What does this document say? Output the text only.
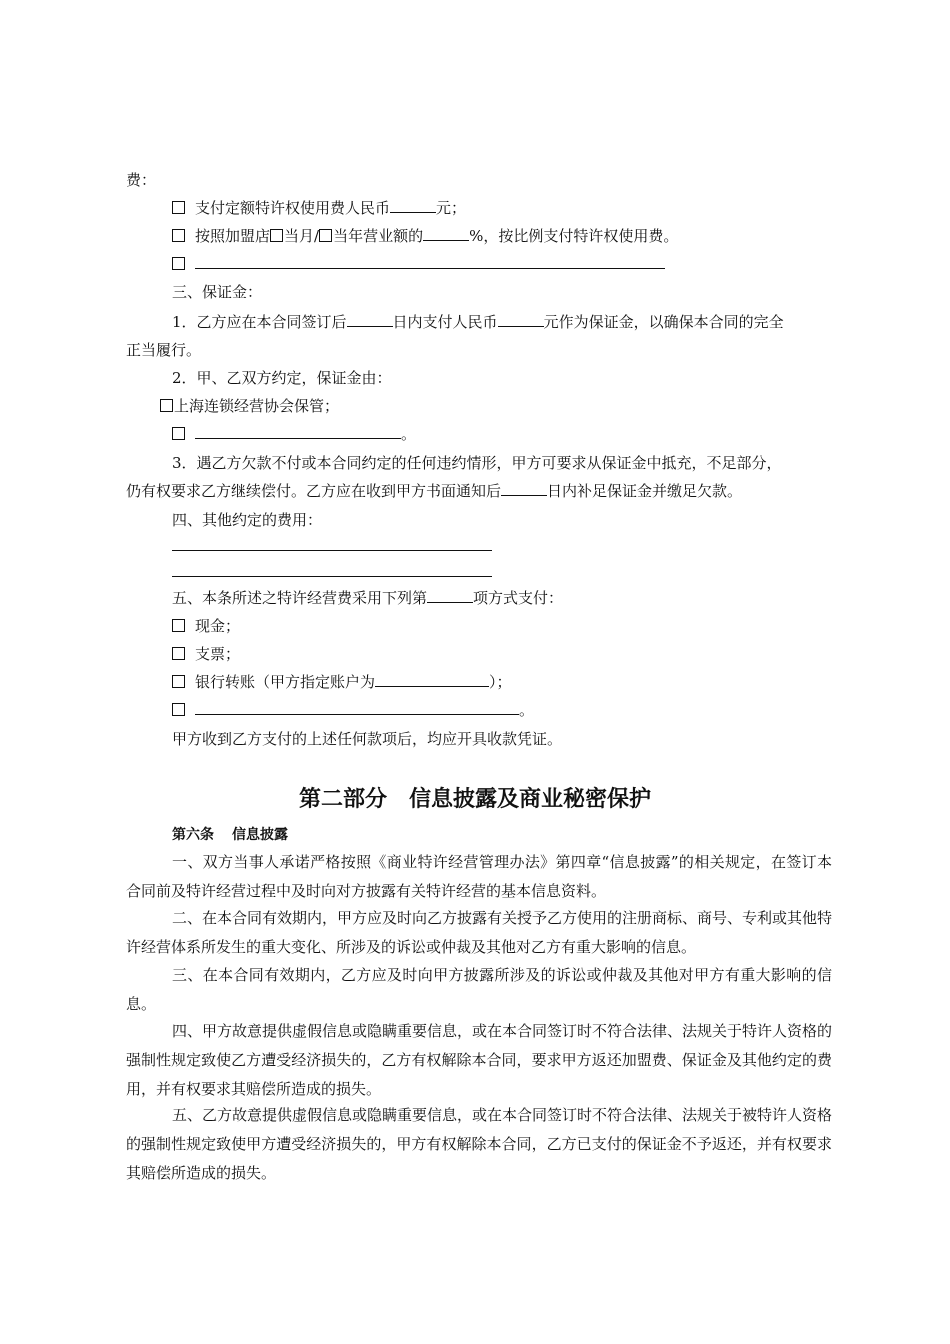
费：
支付定额特许权使用费人民币	元；
按照加盟店 当月/ 当年营业额的	%，按比例支付特许权使用费。
三、保证金：
1．乙方应在本合同签订后	日内支付人民币	元作为保证金，以确保本合同的完全
正当履行。
2．甲、乙双方约定，保证金由：
上海连锁经营协会保管；
。
3．遇乙方欠款不付或本合同约定的任何违约情形，甲方可要求从保证金中抵充，不足部分，
仍有权要求乙方继续偿付。乙方应在收到甲方书面通知后	日内补足保证金并缴足欠款。
四、其他约定的费用：
五、本条所述之特许经营费采用下列第	项方式支付：
现金；
支票；
银行转账（甲方指定账户为	）；
。
甲方收到乙方支付的上述任何款项后，均应开具收款凭证。
第二部分　信息披露及商业秘密保护
第六条 信息披露
一、双方当事人承诺严格按照《商业特许经营管理办法》第四章“信息披露”的相关规定，在签订本合同前及特许经营过程中及时向对方披露有关特许经营的基本信息资料。
二、在本合同有效期内，甲方应及时向乙方披露有关授予乙方使用的注册商标、商号、专利或其他特许经营体系所发生的重大变化、所涉及的诉讼或仲裁及其他对乙方有重大影响的信息。
三、在本合同有效期内，乙方应及时向甲方披露所涉及的诉讼或仲裁及其他对甲方有重大影响的信息。
四、甲方故意提供虚假信息或隐瞒重要信息，或在本合同签订时不符合法律、法规关于特许人资格的强制性规定致使乙方遭受经济损失的，乙方有权解除本合同，要求甲方返还加盟费、保证金及其他约定的费用，并有权要求其赔偿所造成的损失。
五、乙方故意提供虚假信息或隐瞒重要信息，或在本合同签订时不符合法律、法规关于被特许人资格的强制性规定致使甲方遭受经济损失的，甲方有权解除本合同，乙方已支付的保证金不予返还，并有权要求其赔偿所造成的损失。
